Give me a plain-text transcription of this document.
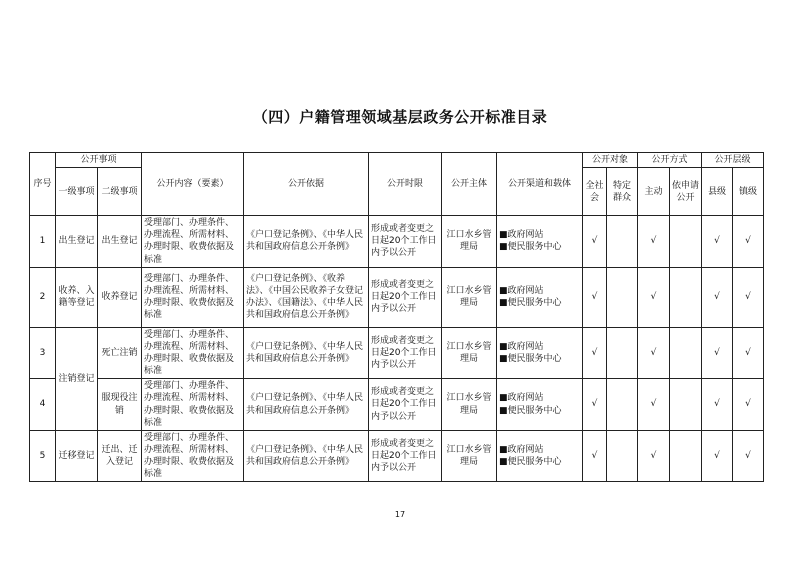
（四）户籍管理领域基层政务公开标准目录
序号	公开事项		公开内容（要素）	公开依据	公开时限	公开主体	公开渠道和载体	公开对象		公开方式		公开层级	
	一级事项	二级事项						全社会	特定群众	主动	依申请公开	县级	镇级
1	出生登记	出生登记	受理部门、办理条件、办理流程、所需材料、办理时限、收费依据及标准	《户口登记条例》、《中华人民共和国政府信息公开条例》	形成或者变更之日起20个工作日内予以公开	江口水乡管理局	■政府网站
■便民服务中心	√		√		√	√
2	收养、入籍等登记	收养登记	受理部门、办理条件、办理流程、所需材料、办理时限、收费依据及标准	《户口登记条例》、《收养法》、《中国公民收养子女登记办法》、《国籍法》、《中华人民共和国政府信息公开条例》	形成或者变更之日起20个工作日内予以公开	江口水乡管理局	■政府网站
■便民服务中心	√		√		√	√
3	注销登记	死亡注销	受理部门、办理条件、办理流程、所需材料、办理时限、收费依据及标准	《户口登记条例》、《中华人民共和国政府信息公开条例》	形成或者变更之日起20个工作日内予以公开	江口水乡管理局	■政府网站
■便民服务中心	√		√		√	√
4		服现役注销	受理部门、办理条件、办理流程、所需材料、办理时限、收费依据及标准	《户口登记条例》、《中华人民共和国政府信息公开条例》	形成或者变更之日起20个工作日内予以公开	江口水乡管理局	■政府网站
■便民服务中心	√		√		√	√
5	迁移登记	迁出、迁入登记	受理部门、办理条件、办理流程、所需材料、办理时限、收费依据及标准	《户口登记条例》、《中华人民共和国政府信息公开条例》	形成或者变更之日起20个工作日内予以公开	江口水乡管理局	■政府网站
■便民服务中心	√		√		√	√
17
